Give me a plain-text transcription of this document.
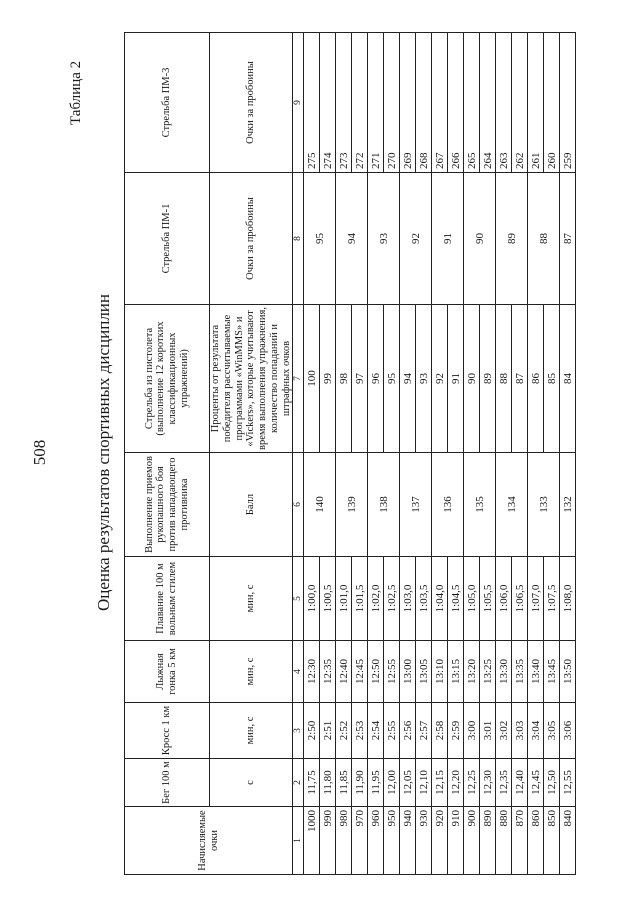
508
Таблица 2
Оценка результатов спортивных дисциплин
Начисляемые очки	Бег 100 м	Кросс 1 км	Лыжная гонка 5 км	Плавание 100 м вольным стилем	Выполнение приемов рукопашного боя против нападающего противника	Стрельба из пистолета (выполнение 12 коротких классификационных упражнений)	Стрельба ПМ-1	Стрельба ПМ-3
	с	мин, с	мин, с	мин, с	Балл	Проценты от результата победителя рассчитываемые программами «WinMMS» и «Vickers», которые учитывают время выполнения упражнения, количество попаданий и штрафных очков	Очки за пробоины	Очки за пробоины
1	2	3	4	5	6	7	8	9
1000	11,75	2:50	12:30	1:00,0	140	100	95	275
990	11,80	2:51	12:35	1:00,5		99		274
980	11,85	2:52	12:40	1:01,0	139	98	94	273
970	11,90	2:53	12:45	1:01,5		97		272
960	11,95	2:54	12:50	1:02,0	138	96	93	271
950	12,00	2:55	12:55	1:02,5		95		270
940	12,05	2:56	13:00	1:03,0	137	94	92	269
930	12,10	2:57	13:05	1:03,5		93		268
920	12,15	2:58	13:10	1:04,0	136	92	91	267
910	12,20	2:59	13:15	1:04,5		91		266
900	12,25	3:00	13:20	1:05,0	135	90	90	265
890	12,30	3:01	13:25	1:05,5		89		264
880	12,35	3:02	13:30	1:06,0	134	88	89	263
870	12,40	3:03	13:35	1:06,5		87		262
860	12,45	3:04	13:40	1:07,0	133	86	88	261
850	12,50	3:05	13:45	1:07,5		85		260
840	12,55	3:06	13:50	1:08,0	132	84	87	259
